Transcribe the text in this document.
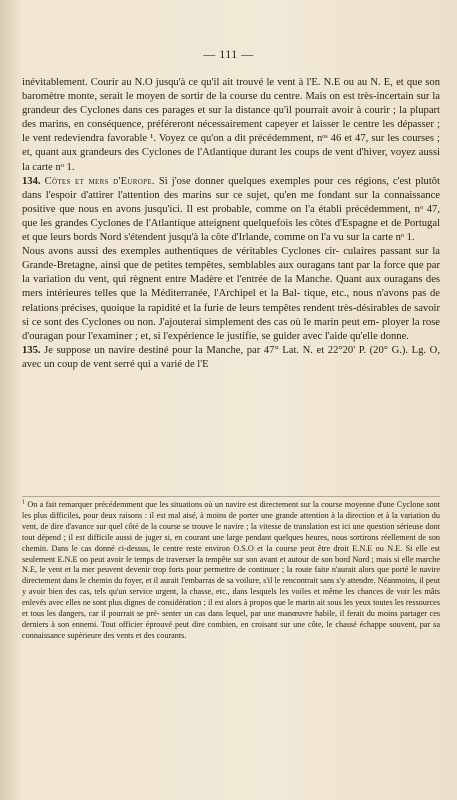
— 111 —

inévitablement. Courir au N.O jusqu'à ce qu'il ait trouvé le vent à l'E. N.E ou au N. E, et que son baromètre monte, serait le moyen de sortir de la course du centre. Mais on est très-incertain sur la grandeur des Cyclones dans ces parages et sur la distance qu'il pourrait avoir à courir ; la plupart des marins, en conséquence, préféreront nécessairement capeyer et laisser le centre les dépasser ; le vent redeviendra favorable ¹. Voyez ce qu'on a dit précédemment, nᵒˢ 46 et 47, sur les courses ; et, quant aux grandeurs des Cyclones de l'Atlantique durant les coups de vent d'hiver, voyez aussi la carte nᵒ 1.

134. Côtes et mers d'Europe. Si j'ose donner quelques exemples pour ces régions, c'est plutôt dans l'espoir d'attirer l'attention des marins sur ce sujet, qu'en me fondant sur la connaissance positive que nous en avons jusqu'ici. Il est probable, comme on l'a établi précédemment, nᵒ 47, que les grandes Cyclones de l'Atlantique atteignent quelquefois les côtes d'Espagne et de Portugal et que leurs bords Nord s'étendent jusqu'à la côte d'Irlande, comme on l'a vu sur la carte nᵒ 1.

Nous avons aussi des exemples authentiques de véritables Cyclones cir- culaires passant sur la Grande-Bretagne, ainsi que de petites tempêtes, semblables aux ouragans tant par la force que par la variation du vent, qui règnent entre Madère et l'entrée de la Manche. Quant aux ouragans des mers intérieures telles que la Méditerranée, l'Archipel et la Bal- tique, etc., nous n'avons pas de relations précises, quoique la rapidité et la furie de leurs tempêtes rendent très-désirables de savoir si ce sont des Cyclones ou non. J'ajouterai simplement des cas où le marin peut em- ployer la rose d'ouragan pour l'examiner ; et, si l'expérience le justifie, se guider avec l'aide qu'elle donne.

135. Je suppose un navire destiné pour la Manche, par 47° Lat. N. et 22°20' P. (20° G.). Lg. O, avec un coup de vent serré qui a varié de l'E

$^1$ On a fait remarquer précédemment que les situations où un navire est directement sur la course moyenne d'une Cyclone sont les plus difficiles, pour deux raisons : il est mal aisé, à moins de porter une grande attention à la direction et à la variation du vent, de dire d'avance sur quel côté de la course se trouve le navire ; la vitesse de translation est ici une question sérieuse dont tout dépend ; il est difficile aussi de juger si, en courant une large pendant quelques heures, nous sortirons réellement de son chemin. Dans le cas donné ci-dessus, le centre reste environ O.S.O et la course peut être droit E.N.E ou N.E. Si elle est seulement E.N.E on peut avoir le temps de traverser la tempête sur son avant et autour de son bord Nord ; mais si elle marche N.E, le vent et la mer peuvent devenir trop forts pour permettre de continuer ; la route faite n'aurait alors que porté le navire directement dans le chemin du foyer, et il aurait l'embarras de sa voilure, s'il le rencontrait sans s'y attendre. Néanmoins, il peut y avoir bien des cas, tels qu'un service urgent, la chasse, etc., dans lesquels les voiles et même les chances de voir les mâts enlevés avec elles ne sont plus dignes de considération ; il est alors à propos que le marin ait sous les yeux toutes les ressources et tous les dangers, car il pourrait se pré- senter un cas dans lequel, par une manœuvre habile, il ferait du moins partager ces derniers à son ennemi. Tout officier éprouvé peut dire combien, en croisant sur une côte, le chassé échappe souvent, par sa connaissance supérieure des vents et des courants.
